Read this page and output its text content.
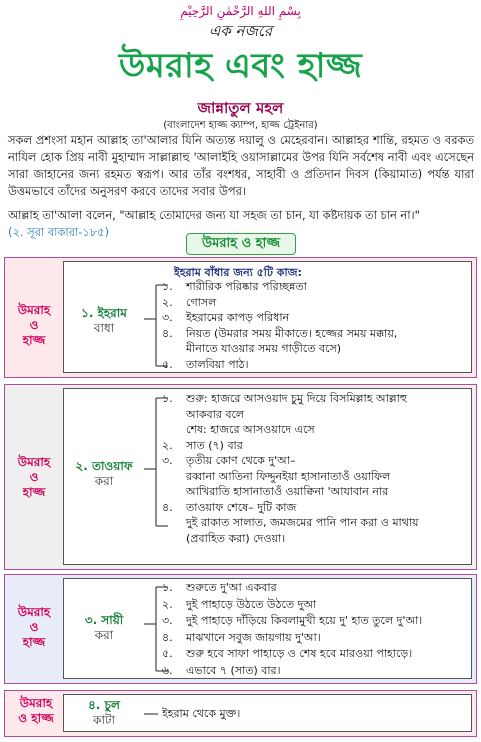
بِسْمِ اللهِ الرَّحْمٰنِ الرَّحِيْمِ
এক নজরে
উমরাহ এবং হাজ্জ
জান্নাতুল মহল
(বাংলাদেশ হাজ্জ ক্যাম্প, হাজ্জ ট্রেইনার)
সকল প্রশংসা মহান আল্লাহ তা'আলার যিনি অত্যন্ত দয়ালু ও মেহেরবান। আল্লাহর শান্তি, রহমত ও বরকত নাযিল হোক প্রিয় নাবী মুহাম্মাদ সাল্লাল্লাহু 'আলাইহি ওয়াসাল্লামের উপর যিনি সর্বশেষ নাবী এবং এসেছেন সারা জাহানের জন্য রহমত স্বরূপ। আর তাঁর বংশধর, সাহাবী ও প্রতিদান দিবস (কিয়ামাত) পর্যন্ত যারা উত্তমভাবে তাঁদের অনুসরণ করবে তাদের সবার উপর।
আল্লাহ তা'আলা বলেন, "আল্লাহ তোমাদের জন্য যা সহজ তা চান, যা কষ্টদায়ক তা চান না।"
(২. সূরা বাকারা-১৮৫)
উমরাহ ও হাজ্জ
উমরাহ
ও
হাজ্জ
১. ইহরাম
বাধা
ইহরাম বাঁধার জন্য ৫টি কাজ:
১. শারীরিক পরিষ্কার পরিচ্ছন্নতা
২. গোসল
৩. ইহরামের কাপড় পরিধান
৪. নিয়ত (উমরার সময় মীকাতে। হজ্জের সময় মক্কায়,
মীনাতে যাওয়ার সময় গাড়ীতে বসে)
৫. তালবিয়া পাঠ।
উমরাহ
ও
হাজ্জ
২. তাওয়াফ
করা
১. শুরু: হাজরে আসওয়াদ চুমু দিয়ে বিসমিল্লাহ আল্লাহু
আকবার বলে
শেষ: হাজরে আসওয়াদে এসে
২. সাত (৭) বার
৩. তৃতীয় কোণ থেকে দু'আ–
রব্বানা আতিনা ফিদ্দুনইয়া হাসানাতাওঁ ওয়াফিল
আখিরাতি হাসানাতাওঁ ওয়াক্বিনা 'আযাবান নার
৪. তাওয়াফ শেষে– দুটি কাজ
দুই রাকাত সালাত, জমজমের পানি পান করা ও মাথায়
(প্রবাহিত করা) দেওয়া।
উমরাহ
ও
হাজ্জ
৩. সায়ী
করা
১. শুরুতে দু'আ একবার
২. দুই পাহাড়ে উঠতে উঠতে দুআ
৩. দুই পাহাড়ে দাঁড়িয়ে কিবলামুখী হয়ে দু' হাত তুলে দু'আ।
৪. মাঝখানে সবুজ জায়গায় দু'আ।
৫. শুরু হবে সাফা পাহাড়ে ও শেষ হবে মারওয়া পাহাড়ে।
৬. এভাবে ৭ (সাত) বার।
উমরাহ
ও হাজ্জ
৪. চুল
কাটা	ইহরাম থেকে মুক্ত।
